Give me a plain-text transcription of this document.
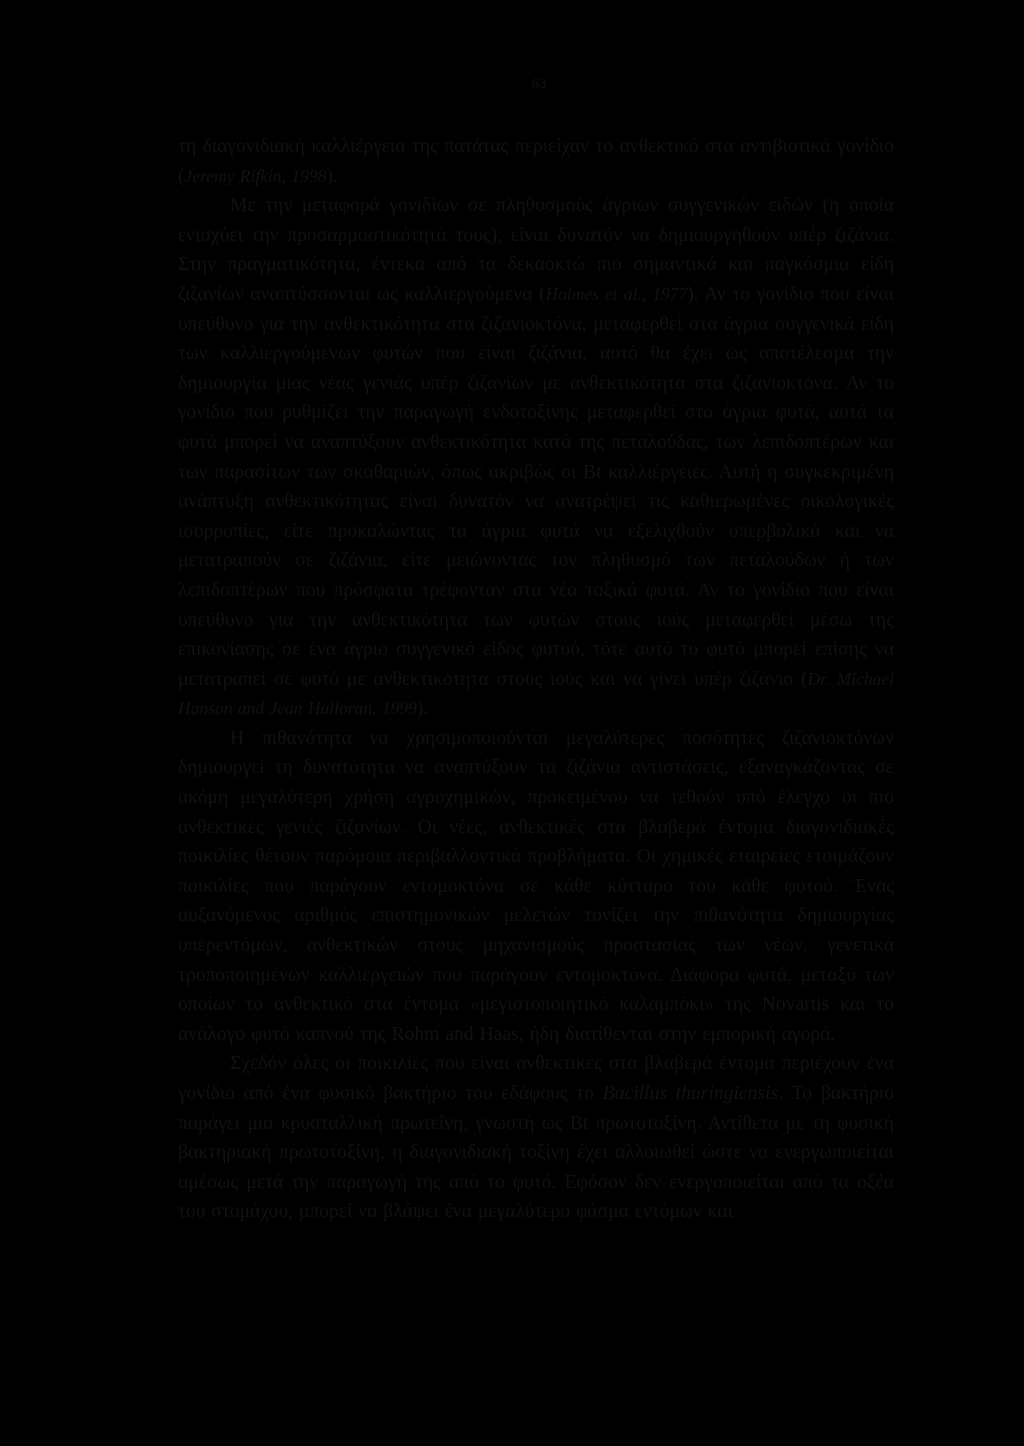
63

τη διαγονιδιακή καλλιέργεια της πατάτας περιείχαν το ανθεκτικό στα αντιβιοτικά γονίδιο (Jeremy Rifkin, 1998).

Με την μεταφορά γονιδίων σε πληθυσμούς άγριων συγγενικών ειδών (η οποία ενισχύει την προσαρμοστικότητά τους), είναι δυνατόν να δημιουργηθούν υπέρ ζιζάνια. Στην πραγματικότητα, έντεκα από τα δεκαοκτώ πιο σημαντικά και παγκόσμια είδη ζιζανίων αναπτύσσονται ως καλλιεργούμενα (Holmes et al., 1977). Αν το γονίδιο που είναι υπεύθυνο για την ανθεκτικότητα στα ζιζανιοκτόνα, μεταφερθεί στα άγρια συγγενικά είδη των καλλιεργούμενων φυτών που είναι ζιζάνια, αυτό θα έχει ως αποτέλεσμα την δημιουργία μιας νέας γενιάς υπέρ ζιζανίων με ανθεκτικότητα στα ζιζανιοκτόνα. Αν το γονίδιο που ρυθμίζει την παραγωγή ενδοτοξίνης μεταφερθεί στα άγρια φυτά, αυτά τα φυτά μπορεί να αναπτύξουν ανθεκτικότητα κατά της πεταλούδας, των λεπιδοπτέρων και των παρασίτων των σκαθαριών, όπως ακριβώς οι Bt καλλιέργειες. Αυτή η συγκεκριμένη ανάπτυξη ανθεκτικότητας είναι δυνατόν να ανατρέψει τις καθιερωμένες οικολογικές ισορροπίες, είτε προκαλώντας τα άγρια φυτά να εξελιχθούν υπερβολικά και να μετατραπούν σε ζιζάνια, είτε μειώνοντας τον πληθυσμό των πεταλούδων ή των λεπιδοπτέρων που πρόσφατα τρέφονταν στα νέα τοξικά φυτά. Αν το γονίδιο που είναι υπεύθυνο για την ανθεκτικότητα των φυτών στους ιούς μεταφερθεί μέσω της επικονίασης σε ένα άγριο συγγενικό είδος φυτού, τότε αυτό το φυτό μπορεί επίσης να μετατραπεί σε φυτό με ανθεκτικότητα στους ιούς και να γίνει υπέρ ζιζάνιο (Dr. Michael Hanson and Jean Halloran, 1999).

Η πιθανότητα να χρησιμοποιούνται μεγαλύτερες ποσότητες ζιζανιοκτόνων δημιουργεί τη δυνατότητα να αναπτύξουν τα ζιζάνια αντιστάσεις, εξαναγκάζοντας σε ακόμη μεγαλύτερη χρήση αγροχημικών, προκειμένου να τεθούν υπό έλεγχο οι πιο ανθεκτικές γενιές ζιζανίων. Οι νέες, ανθεκτικές στα βλαβερά έντομα διαγονιδιακές ποικιλίες θέτουν παρόμοια περιβαλλοντικά προβλήματα. Οι χημικές εταιρείες ετοιμάζουν ποικιλίες που παράγουν εντομοκτόνα σε κάθε κύτταρο του κάθε φυτού. Ένας αυξανόμενος αριθμός επιστημονικών μελετών τονίζει την πιθανότητα δημιουργίας υπερεντόμων, ανθεκτικών στους μηχανισμούς προστασίας των νέων, γενετικά τροποποιημένων καλλιεργειών που παράγουν εντομοκτόνα. Διάφορα φυτά, μεταξύ των οποίων το ανθεκτικό στα έντομα «μεγιστοποιητικό καλαμπόκι» της Novartis και το ανάλογο φυτό καπνού της Rohm and Haas, ήδη διατίθενται στην εμπορική αγορά.

Σχεδόν όλες οι ποικιλίες που είναι ανθεκτικές στα βλαβερά έντομα περιέχουν ένα γονίδιο από ένα φυσικό βακτήριο του εδάφους το Bacillus thuringiensis. Το βακτήριο παράγει μια κρυσταλλική πρωτεΐνη, γνωστή ως Bt πρωτοτοξίνη. Αντίθετα με τη φυσική βακτηριακή πρωτοτοξίνη, η διαγονιδιακή τοξίνη έχει αλλοιωθεί ώστε να ενεργωποιείται αμέσως μετά την παραγωγή της από το φυτό. Εφόσον δεν ενεργοποιείται από τα οξέα του στομάχου, μπορεί να βλάψει ένα μεγαλύτερο φάσμα εντόμων και
